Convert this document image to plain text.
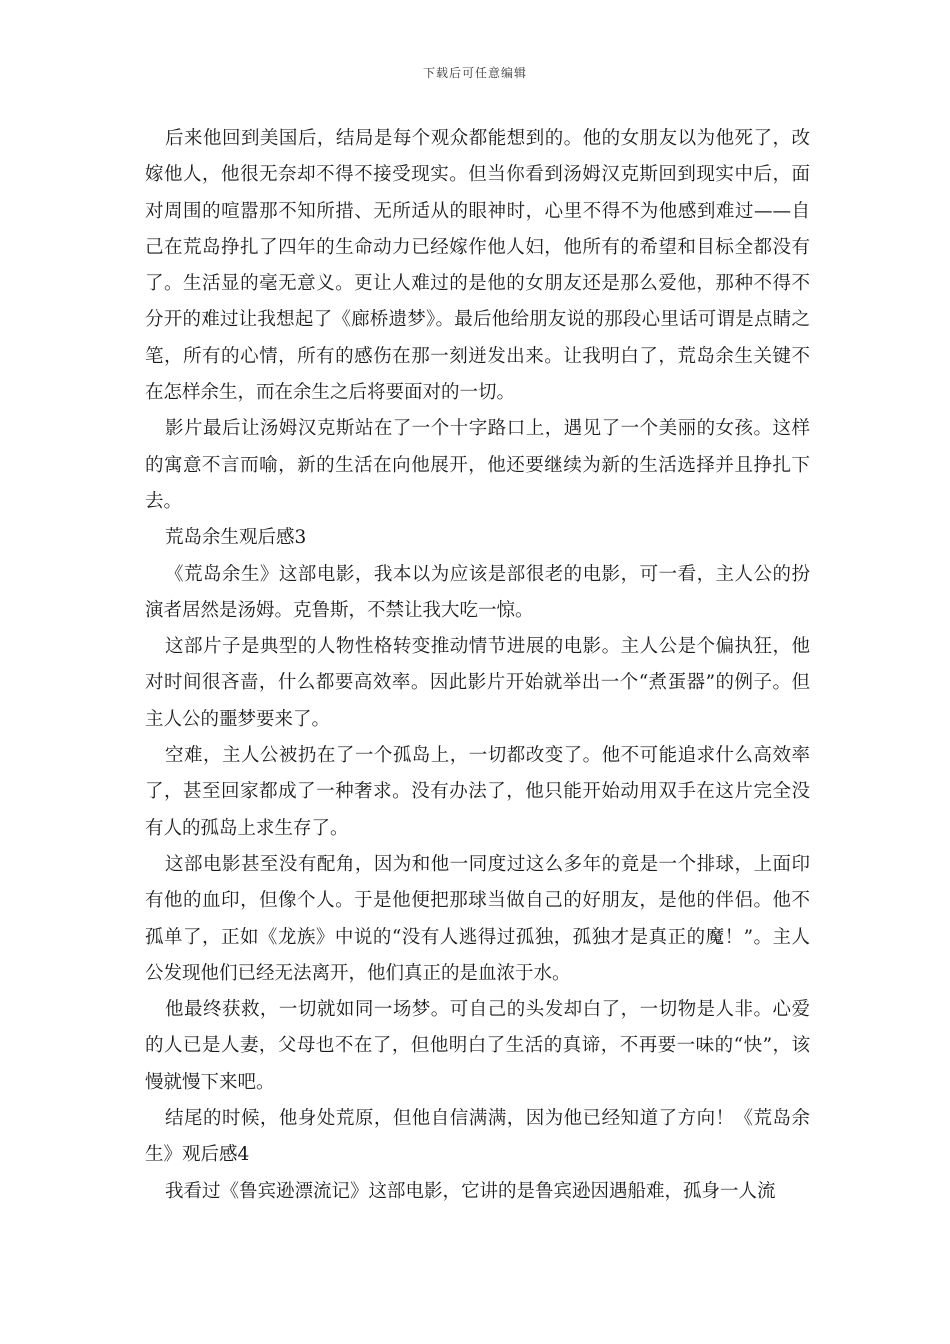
下载后可任意编辑

后来他回到美国后，结局是每个观众都能想到的。他的女朋友以为他死了，改嫁他人，他很无奈却不得不接受现实。但当你看到汤姆汉克斯回到现实中后，面对周围的喧嚣那不知所措、无所适从的眼神时，心里不得不为他感到难过——自己在荒岛挣扎了四年的生命动力已经嫁作他人妇，他所有的希望和目标全都没有了。生活显的毫无意义。更让人难过的是他的女朋友还是那么爱他，那种不得不分开的难过让我想起了《廊桥遗梦》。最后他给朋友说的那段心里话可谓是点睛之笔，所有的心情，所有的感伤在那一刻迸发出来。让我明白了，荒岛余生关键不在怎样余生，而在余生之后将要面对的一切。

影片最后让汤姆汉克斯站在了一个十字路口上，遇见了一个美丽的女孩。这样的寓意不言而喻，新的生活在向他展开，他还要继续为新的生活选择并且挣扎下去。

荒岛余生观后感3

《荒岛余生》这部电影，我本以为应该是部很老的电影，可一看，主人公的扮演者居然是汤姆。克鲁斯，不禁让我大吃一惊。

这部片子是典型的人物性格转变推动情节进展的电影。主人公是个偏执狂，他对时间很吝啬，什么都要高效率。因此影片开始就举出一个“煮蛋器”的例子。但主人公的噩梦要来了。

空难，主人公被扔在了一个孤岛上，一切都改变了。他不可能追求什么高效率了，甚至回家都成了一种奢求。没有办法了，他只能开始动用双手在这片完全没有人的孤岛上求生存了。

这部电影甚至没有配角，因为和他一同度过这么多年的竟是一个排球，上面印有他的血印，但像个人。于是他便把那球当做自己的好朋友，是他的伴侣。他不孤单了，正如《龙族》中说的“没有人逃得过孤独，孤独才是真正的魔！”。主人公发现他们已经无法离开，他们真正的是血浓于水。

他最终获救，一切就如同一场梦。可自己的头发却白了，一切物是人非。心爱的人已是人妻，父母也不在了，但他明白了生活的真谛，不再要一味的“快”，该慢就慢下来吧。

结尾的时候，他身处荒原，但他自信满满，因为他已经知道了方向！《荒岛余生》观后感4

我看过《鲁宾逊漂流记》这部电影，它讲的是鲁宾逊因遇船难，孤身一人流
